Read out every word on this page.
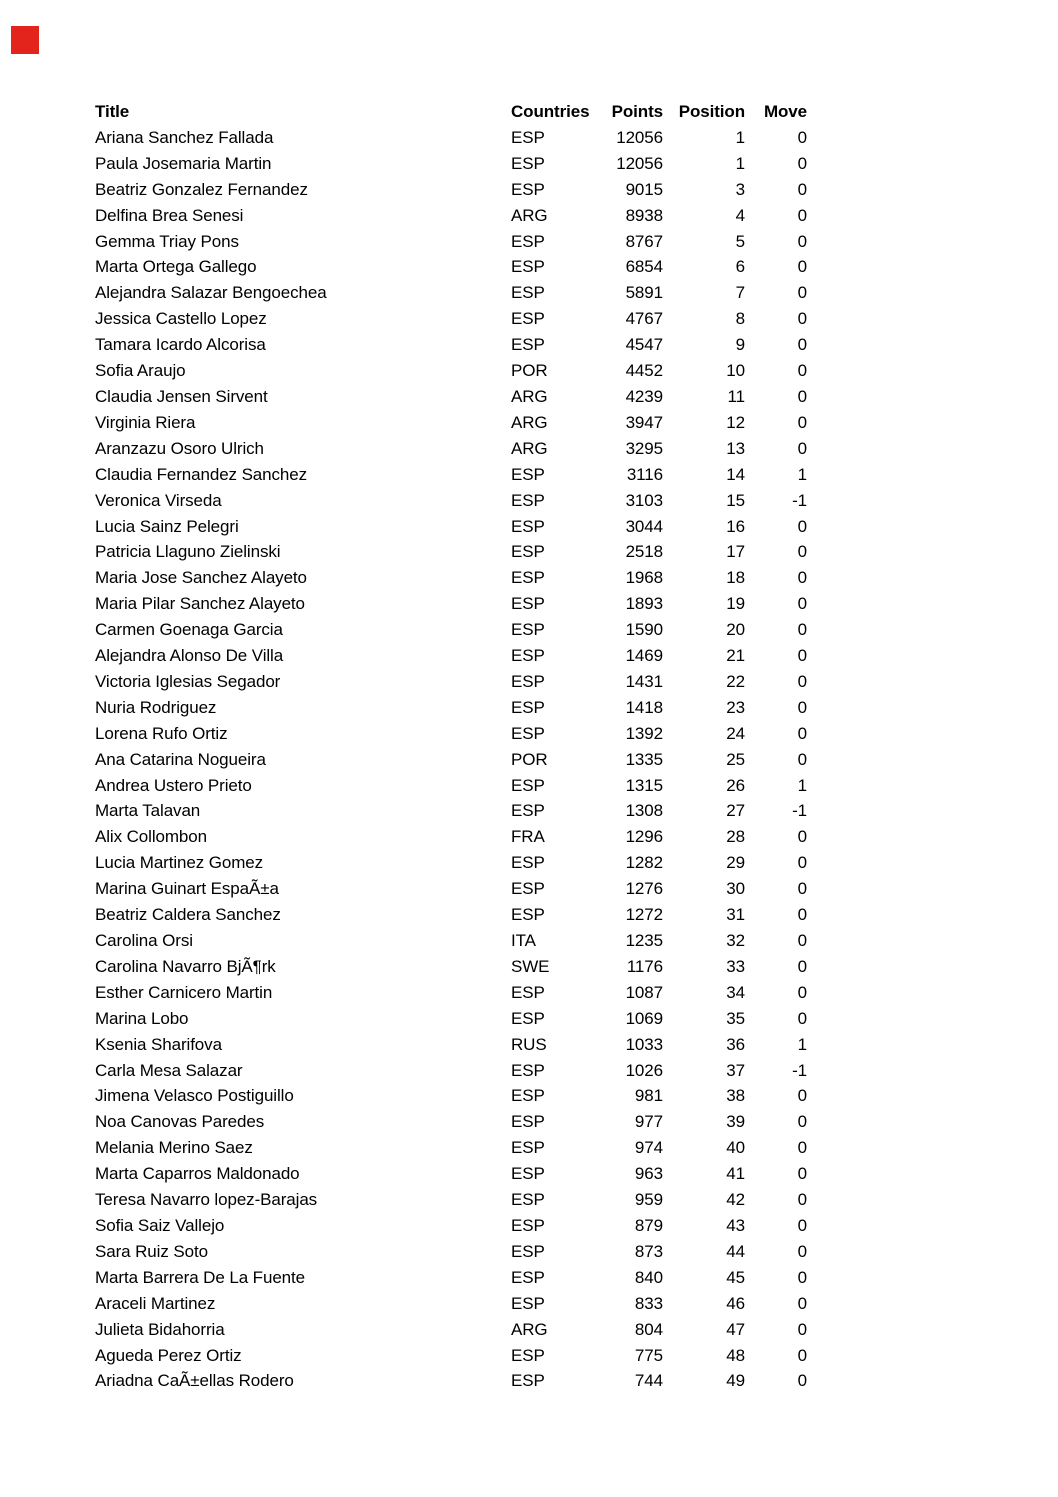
Title	Countries	Points	Position	Move
Ariana Sanchez Fallada	ESP	12056	1	0
Paula Josemaria Martin	ESP	12056	1	0
Beatriz Gonzalez Fernandez	ESP	9015	3	0
Delfina Brea Senesi	ARG	8938	4	0
Gemma Triay Pons	ESP	8767	5	0
Marta Ortega Gallego	ESP	6854	6	0
Alejandra Salazar Bengoechea	ESP	5891	7	0
Jessica Castello Lopez	ESP	4767	8	0
Tamara Icardo Alcorisa	ESP	4547	9	0
Sofia Araujo	POR	4452	10	0
Claudia Jensen Sirvent	ARG	4239	11	0
Virginia Riera	ARG	3947	12	0
Aranzazu Osoro Ulrich	ARG	3295	13	0
Claudia Fernandez Sanchez	ESP	3116	14	1
Veronica Virseda	ESP	3103	15	-1
Lucia Sainz Pelegri	ESP	3044	16	0
Patricia Llaguno Zielinski	ESP	2518	17	0
Maria Jose Sanchez Alayeto	ESP	1968	18	0
Maria Pilar Sanchez Alayeto	ESP	1893	19	0
Carmen Goenaga Garcia	ESP	1590	20	0
Alejandra Alonso De Villa	ESP	1469	21	0
Victoria Iglesias Segador	ESP	1431	22	0
Nuria Rodriguez	ESP	1418	23	0
Lorena Rufo Ortiz	ESP	1392	24	0
Ana Catarina Nogueira	POR	1335	25	0
Andrea Ustero Prieto	ESP	1315	26	1
Marta Talavan	ESP	1308	27	-1
Alix Collombon	FRA	1296	28	0
Lucia Martinez Gomez	ESP	1282	29	0
Marina Guinart EspaÃ±a	ESP	1276	30	0
Beatriz Caldera Sanchez	ESP	1272	31	0
Carolina Orsi	ITA	1235	32	0
Carolina Navarro BjÃ¶rk	SWE	1176	33	0
Esther Carnicero Martin	ESP	1087	34	0
Marina Lobo	ESP	1069	35	0
Ksenia Sharifova	RUS	1033	36	1
Carla Mesa Salazar	ESP	1026	37	-1
Jimena Velasco Postiguillo	ESP	981	38	0
Noa Canovas Paredes	ESP	977	39	0
Melania Merino Saez	ESP	974	40	0
Marta Caparros Maldonado	ESP	963	41	0
Teresa Navarro lopez-Barajas	ESP	959	42	0
Sofia Saiz Vallejo	ESP	879	43	0
Sara Ruiz Soto	ESP	873	44	0
Marta Barrera De La Fuente	ESP	840	45	0
Araceli Martinez	ESP	833	46	0
Julieta Bidahorria	ARG	804	47	0
Agueda Perez Ortiz	ESP	775	48	0
Ariadna CaÃ±ellas Rodero	ESP	744	49	0
